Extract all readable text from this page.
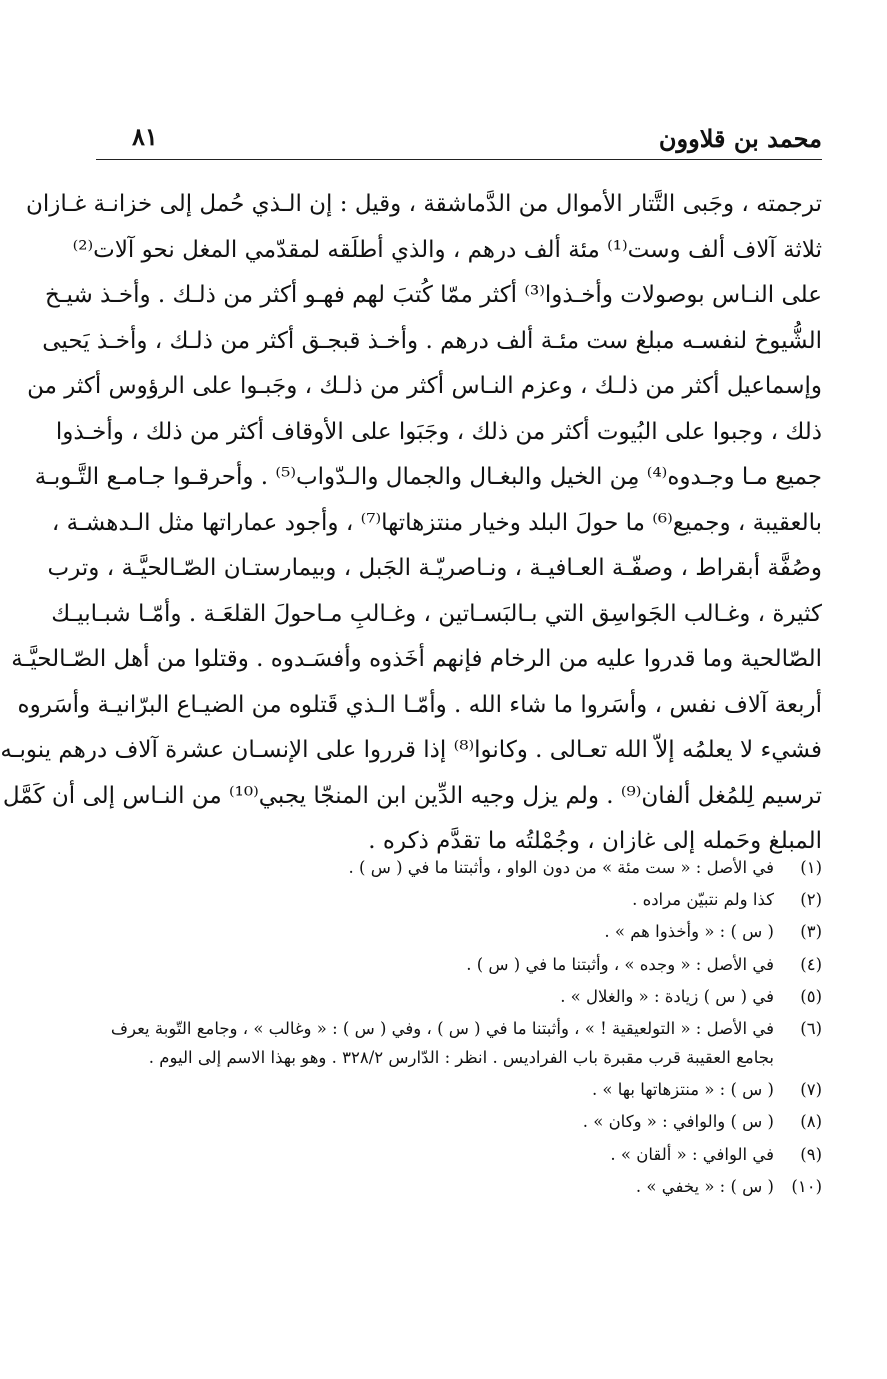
محمد بن قلاوون
٨١
ترجمته ، وجَبى التَّتار الأموال من الدَّماشقة ، وقيل : إن الـذي حُمل إلى خزانـة غـازان
ثلاثة آلاف ألف وست⁽¹⁾ مئة ألف درهم ، والذي أطلَقه لمقدّمي المغل نحو آلات⁽²⁾
على النـاس بوصولات وأخـذوا⁽³⁾ أكثر ممّا كُتبَ لهم فهـو أكثر من ذلـك . وأخـذ شيـخ
الشُّيوخ لنفسـه مبلغ ست مئـة ألف درهم . وأخـذ قبجـق أكثر من ذلـك ، وأخـذ يَحيى
وإسماعيل أكثر من ذلـك ، وعزم النـاس أكثر من ذلـك ، وجَبـوا على الرؤوس أكثر من
ذلك ، وجبوا على البُيوت أكثر من ذلك ، وجَبَوا على الأوقاف أكثر من ذلك ، وأخـذوا
جميع مـا وجـدوه⁽⁴⁾ مِن الخيل والبغـال والجمال والـدّواب⁽⁵⁾ . وأحرقـوا جـامـع التَّـوبـة
بالعقيبة ، وجميع⁽⁶⁾ ما حولَ البلد وخيار منتزهاتها⁽⁷⁾ ، وأجود عماراتها مثل الـدهشـة ،
وصُفَّة أبقراط ، وصفّـة العـافيـة ، ونـاصريّـة الجَبل ، وبيمارستـان الصّـالحيَّـة ، وترب
كثيرة ، وغـالب الجَواسِق التي بـالبَسـاتين ، وغـالبِ مـاحولَ القلعَـة . وأمّـا شبـابيـك
الصّالحية وما قدروا عليه من الرخام فإنهم أخَذوه وأفسَـدوه . وقتلوا من أهل الصّـالحيَّـة
أربعة آلاف نفس ، وأسَروا ما شاء الله . وأمّـا الـذي قَتلوه من الضيـاع البرّانيـة وأسَروه
فشيء لا يعلمُه إلاّ الله تعـالى . وكانوا⁽⁸⁾ إذا قرروا على الإنسـان عشرة آلاف درهم ينوبـه
ترسيم لِلمُغل ألفان⁽⁹⁾ . ولم يزل وجيه الدِّين ابن المنجّا يجبي⁽¹⁰⁾ من النـاس إلى أن كَمَّل
المبلغ وحَمله إلى غازان ، وجُمْلتُه ما تقدَّم ذكره .
(١)
في الأصل : « ست مئة » من دون الواو ، وأثبتنا ما في ( س ) .
(٢)
كذا ولم نتبيّن مراده .
(٣)
( س ) : « وأخذوا هم » .
(٤)
في الأصل : « وجده » ، وأثبتنا ما في ( س ) .
(٥)
في ( س ) زيادة : « والغلال » .
(٦)
في الأصل : « التولعيقية ! » ، وأثبتنا ما في ( س ) ، وفي ( س ) : « وغالب » ، وجامع التّوبة يعرف
بجامع العقيبة قرب مقبرة باب الفراديس . انظر : الدّارس ٣٢٨/٢ . وهو بهذا الاسم إلى اليوم .
(٧)
( س ) : « منتزهاتها بها » .
(٨)
( س ) والوافي : « وكان » .
(٩)
في الوافي : « ألقان » .
(١٠)
( س ) : « يخفي » .
